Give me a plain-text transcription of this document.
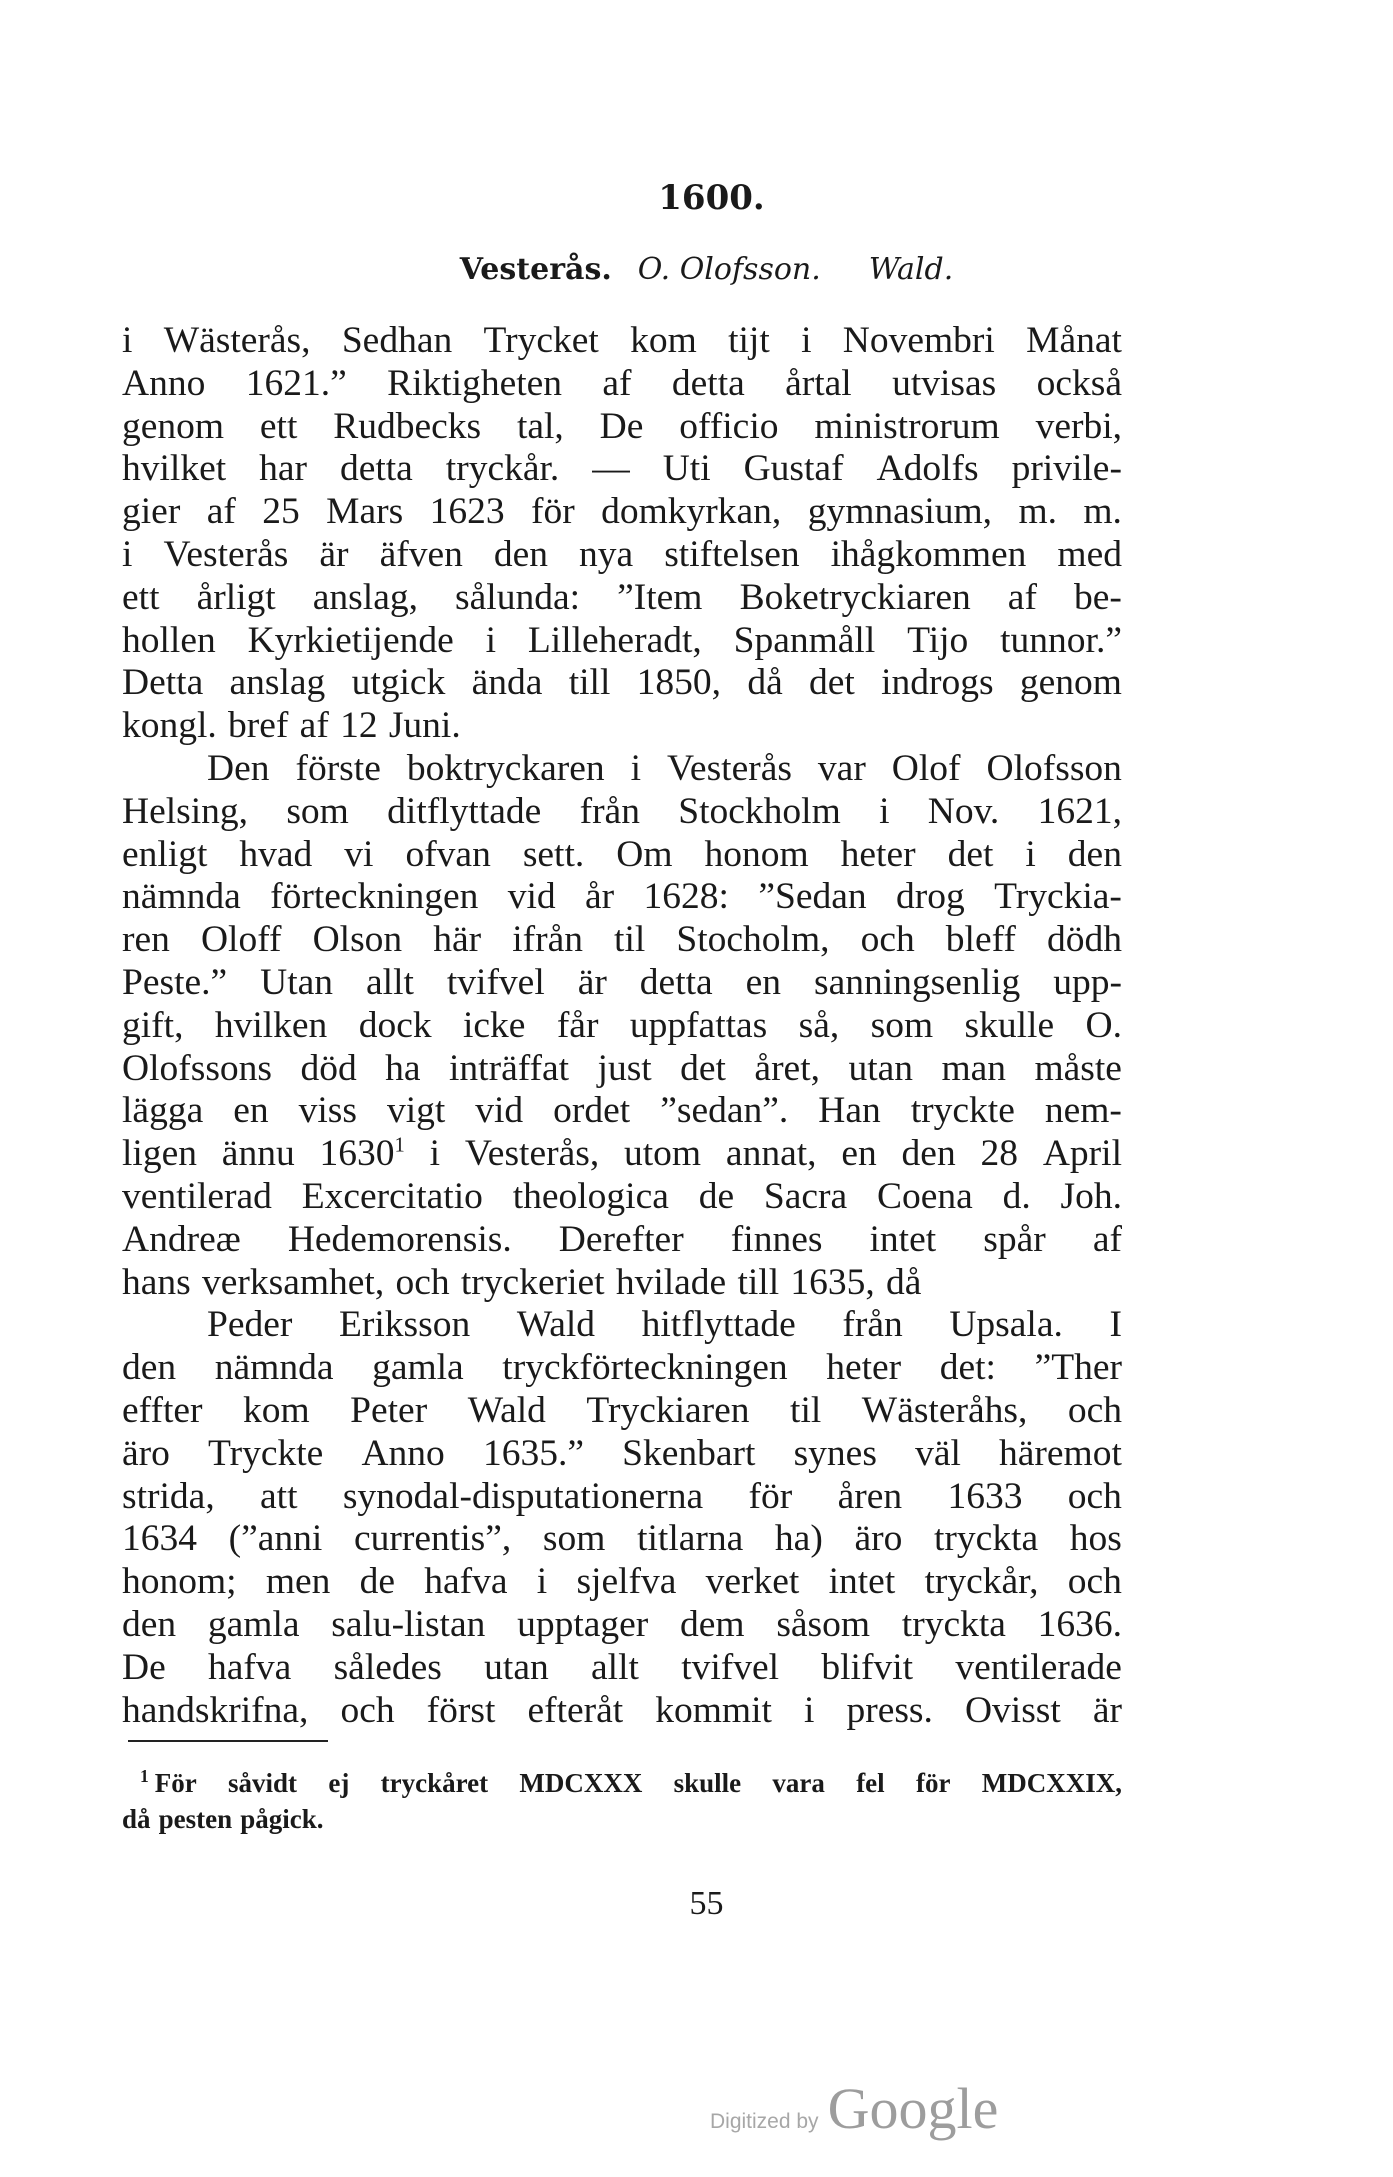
1600.
Vesterås. O. Olofsson. Wald.
i Wästerås, Sedhan Trycket kom tijt i Novembri Månat
Anno 1621.” Riktigheten af detta årtal utvisas också
genom ett Rudbecks tal, De officio ministrorum verbi,
hvilket har detta tryckår. — Uti Gustaf Adolfs privile-
gier af 25 Mars 1623 för domkyrkan, gymnasium, m. m.
i Vesterås är äfven den nya stiftelsen ihågkommen med
ett årligt anslag, sålunda: ”Item Boketryckiaren af be-
hollen Kyrkietijende i Lilleheradt, Spanmåll Tijo tunnor.”
Detta anslag utgick ända till 1850, då det indrogs genom
kongl. bref af 12 Juni.
Den förste boktryckaren i Vesterås var Olof Olofsson
Helsing, som ditflyttade från Stockholm i Nov. 1621,
enligt hvad vi ofvan sett. Om honom heter det i den
nämnda förteckningen vid år 1628: ”Sedan drog Tryckia-
ren Oloff Olson här ifrån til Stocholm, och bleff dödh
Peste.” Utan allt tvifvel är detta en sanningsenlig upp-
gift, hvilken dock icke får uppfattas så, som skulle O.
Olofssons död ha inträffat just det året, utan man måste
lägga en viss vigt vid ordet ”sedan”. Han tryckte nem-
ligen ännu 1630$^1$ i Vesterås, utom annat, en den 28 April
ventilerad Excercitatio theologica de Sacra Coena d. Joh.
Andreæ Hedemorensis. Derefter finnes intet spår af
hans verksamhet, och tryckeriet hvilade till 1635, då
Peder Eriksson Wald hitflyttade från Upsala. I
den nämnda gamla tryckförteckningen heter det: ”Ther
effter kom Peter Wald Tryckiaren til Wästeråhs, och
äro Tryckte Anno 1635.” Skenbart synes väl häremot
strida, att synodal-disputationerna för åren 1633 och
1634 (”anni currentis”, som titlarna ha) äro tryckta hos
honom; men de hafva i sjelfva verket intet tryckår, och
den gamla salu-listan upptager dem såsom tryckta 1636.
De hafva således utan allt tvifvel blifvit ventilerade
handskrifna, och först efteråt kommit i press. Ovisst är
$^1$ För såvidt ej tryckåret MDCXXX skulle vara fel för MDCXXIX,
då pesten pågick.
55
Digitized by Google
